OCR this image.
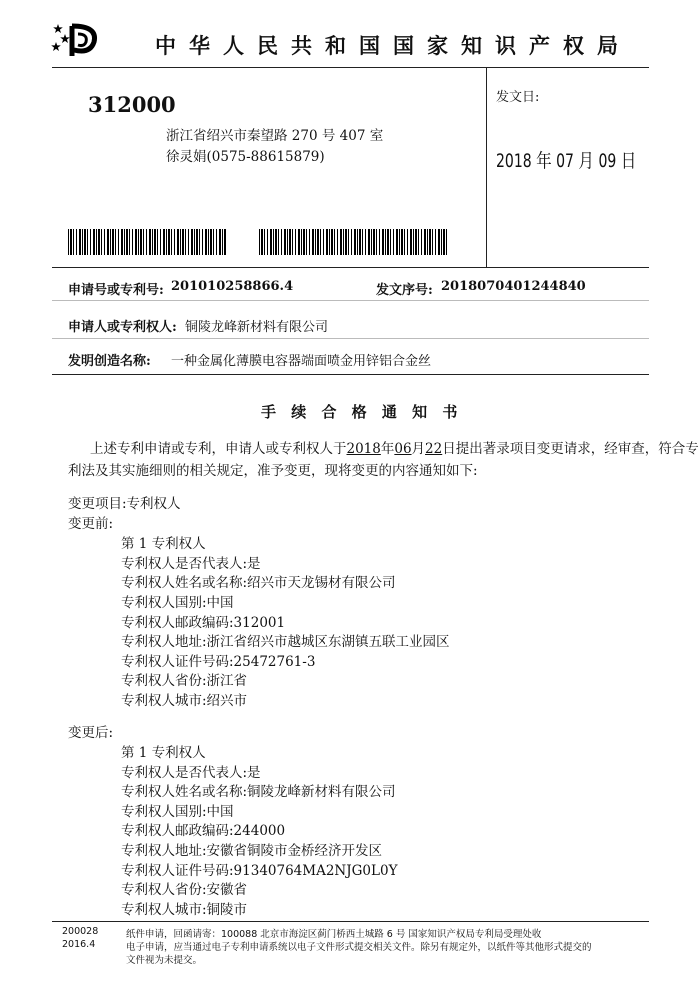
中华人民共和国国家知识产权局
312000
浙江省绍兴市秦望路 270 号 407 室
徐灵娟(0575-88615879)
发文日:
2018 年 07 月 09 日
申请号或专利号: 201010258866.4	发文序号: 2018070401244840
申请人或专利权人: 铜陵龙峰新材料有限公司
发明创造名称: 一种金属化薄膜电容器端面喷金用锌铝合金丝
手 续 合 格 通 知 书
上述专利申请或专利，申请人或专利权人于2018年06月22日提出著录项目变更请求，经审查，符合专
利法及其实施细则的相关规定，准予变更，现将变更的内容通知如下:
变更项目:专利权人
变更前:
第 1 专利权人
专利权人是否代表人:是
专利权人姓名或名称:绍兴市天龙锡材有限公司
专利权人国别:中国
专利权人邮政编码:312001
专利权人地址:浙江省绍兴市越城区东湖镇五联工业园区
专利权人证件号码:25472761-3
专利权人省份:浙江省
专利权人城市:绍兴市
变更后:
第 1 专利权人
专利权人是否代表人:是
专利权人姓名或名称:铜陵龙峰新材料有限公司
专利权人国别:中国
专利权人邮政编码:244000
专利权人地址:安徽省铜陵市金桥经济开发区
专利权人证件号码:91340764MA2NJG0L0Y
专利权人省份:安徽省
专利权人城市:铜陵市
200028
2016.4
纸件申请，回函请寄：100088 北京市海淀区蓟门桥西土城路 6 号 国家知识产权局专利局受理处收
电子申请，应当通过电子专利申请系统以电子文件形式提交相关文件。除另有规定外，以纸件等其他形式提交的
文件视为未提交。
